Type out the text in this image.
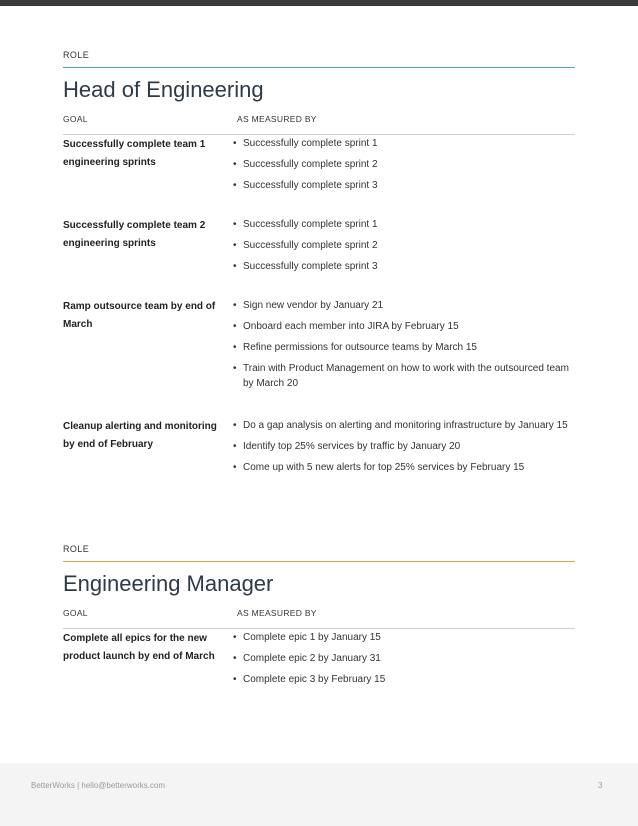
ROLE
Head of Engineering
GOAL	AS MEASURED BY
Successfully complete team 1 engineering sprints
• Successfully complete sprint 1
• Successfully complete sprint 2
• Successfully complete sprint 3
Successfully complete team 2 engineering sprints
• Successfully complete sprint 1
• Successfully complete sprint 2
• Successfully complete sprint 3
Ramp outsource team by end of March
• Sign new vendor by January 21
• Onboard each member into JIRA by February 15
• Refine permissions for outsource teams by March 15
• Train with Product Management on how to work with the outsourced team by March 20
Cleanup alerting and monitoring by end of February
• Do a gap analysis on alerting and monitoring infrastructure by January 15
• Identify top 25% services by traffic by January 20
• Come up with 5 new alerts for top 25% services by February 15
ROLE
Engineering Manager
GOAL	AS MEASURED BY
Complete all epics for the new product launch by end of March
• Complete epic 1 by January 15
• Complete epic 2 by January 31
• Complete epic 3 by February 15
BetterWorks | hello@betterworks.com	3
